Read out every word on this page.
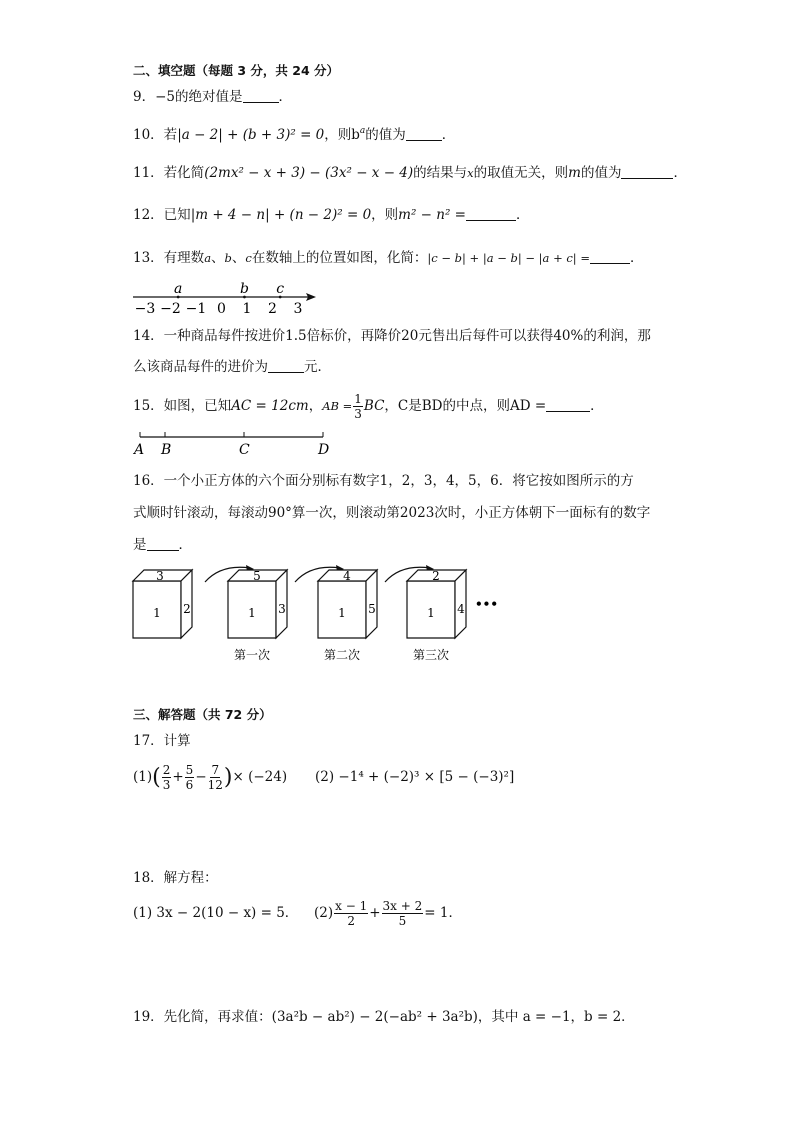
二、填空题（每题 3 分，共 24 分）
9．−5的绝对值是	．
10．若|a − 2| + (b + 3)² = 0，则$b^a$的值为	．
11．若化简(2mx² − x + 3) − (3x² − x − 4)的结果与x的取值无关，则m的值为	．
12．已知|m + 4 − n| + (n − 2)² = 0，则m² − n² =	．
13．有理数a、b、c在数轴上的位置如图，化简：|c − b| + |a − b| − |a + c| =	．
−3 −2 −1 0 1 2 3
a	b c
14．一种商品每件按进价1.5倍标价，再降价20元售出后每件可以获得40%的利润，那
么该商品每件的进价为	元．
15．如图，已知AC = 12cm，AB = $\frac{1}{3}$ BC，C是BD的中点，则AD =	．
A B	C	D
16．一个小正方体的六个面分别标有数字1，2，3，4，5，6．将它按如图所示的方
式顺时针滚动，每滚动90°算一次，则滚动第2023次时，小正方体朝下一面标有的数字
是 ．
3
1 2
5
1 3
第一次
4
1 5
第二次
2
1 4
第三次
•••
三、解答题（共 72 分）
17．计算
$(1)( \frac{2}{3} + \frac{5}{6} - \frac{7}{12}$ )× (−24) (2) −1⁴ + (−2)³ × [5 − (−3)²]
18．解方程：
(1) 3x − 2(10 − x) = 5． $(2) \frac{x - 1}{2} + \frac{3x + 2}{5} = 1$．
19．先化简，再求值：(3a²b − ab²) − 2(−ab² + 3a²b)，其中 a = −1，b = 2．
